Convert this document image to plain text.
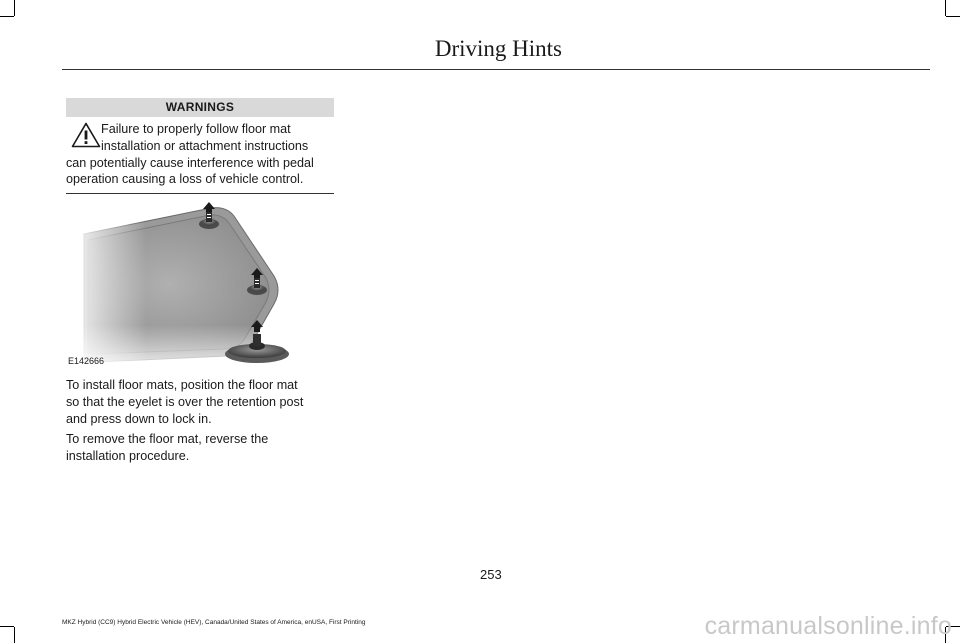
Driving Hints
WARNINGS
Failure to properly follow floor mat
installation or attachment instructions
can potentially cause interference with pedal
operation causing a loss of vehicle control.
E142666
To install floor mats, position the floor mat
so that the eyelet is over the retention post
and press down to lock in.
To remove the floor mat, reverse the
installation procedure.
253
MKZ Hybrid (CC9) Hybrid Electric Vehicle (HEV), Canada/United States of America, enUSA, First Printing	carmanualsonline.info
